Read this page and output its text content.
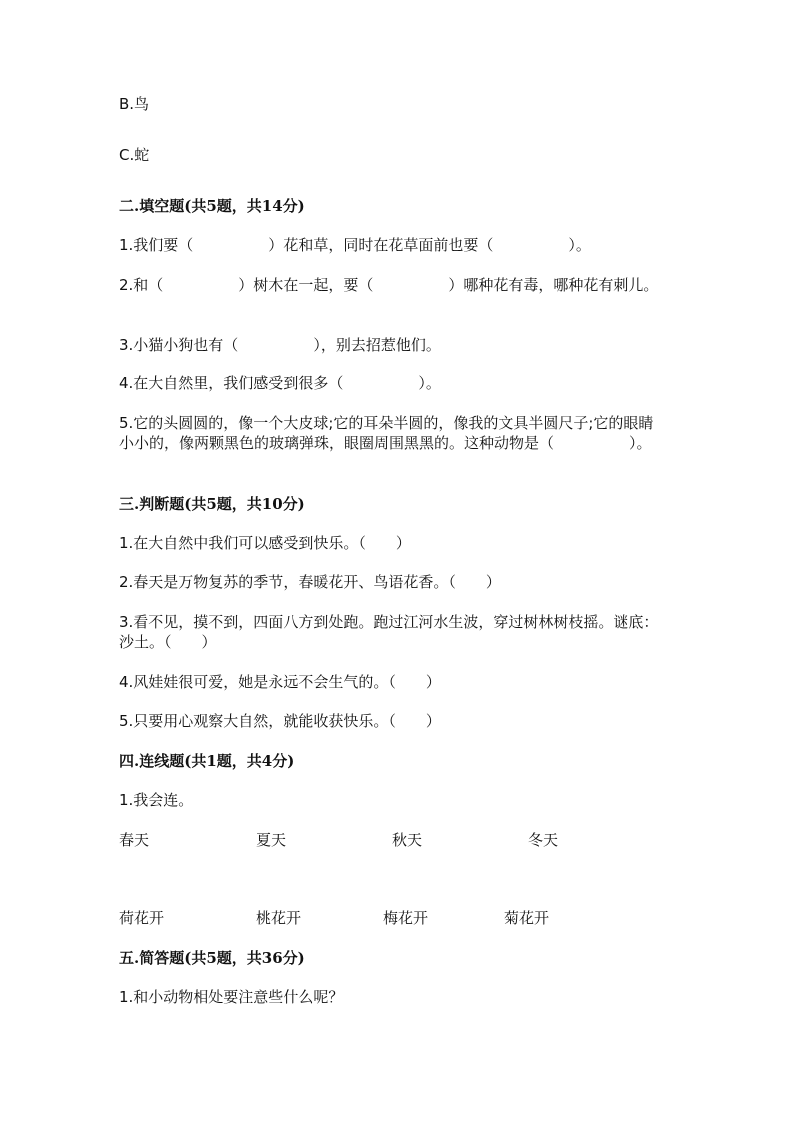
B.鸟
C.蛇
二.填空题(共5题，共14分)
1.我们要（　　　　　）花和草，同时在花草面前也要（　　　　　）。
2.和（　　　　　）树木在一起，要（　　　　　）哪种花有毒，哪种花有刺儿。
3.小猫小狗也有（　　　　　），别去招惹他们。
4.在大自然里，我们感受到很多（　　　　　）。
5.它的头圆圆的，像一个大皮球;它的耳朵半圆的，像我的文具半圆尺子;它的眼睛小小的，像两颗黑色的玻璃弹珠，眼圈周围黑黑的。这种动物是（　　　　　）。
三.判断题(共5题，共10分)
1.在大自然中我们可以感受到快乐。（　　）
2.春天是万物复苏的季节，春暖花开、鸟语花香。（　　）
3.看不见，摸不到，四面八方到处跑。跑过江河水生波，穿过树林树枝摇。谜底：沙土。（　　）
4.风娃娃很可爱，她是永远不会生气的。（　　）
5.只要用心观察大自然，就能收获快乐。（　　）
四.连线题(共1题，共4分)
1.我会连。
春天	夏天	秋天	冬天
荷花开	桃花开	梅花开	菊花开
五.简答题(共5题，共36分)
1.和小动物相处要注意些什么呢？
